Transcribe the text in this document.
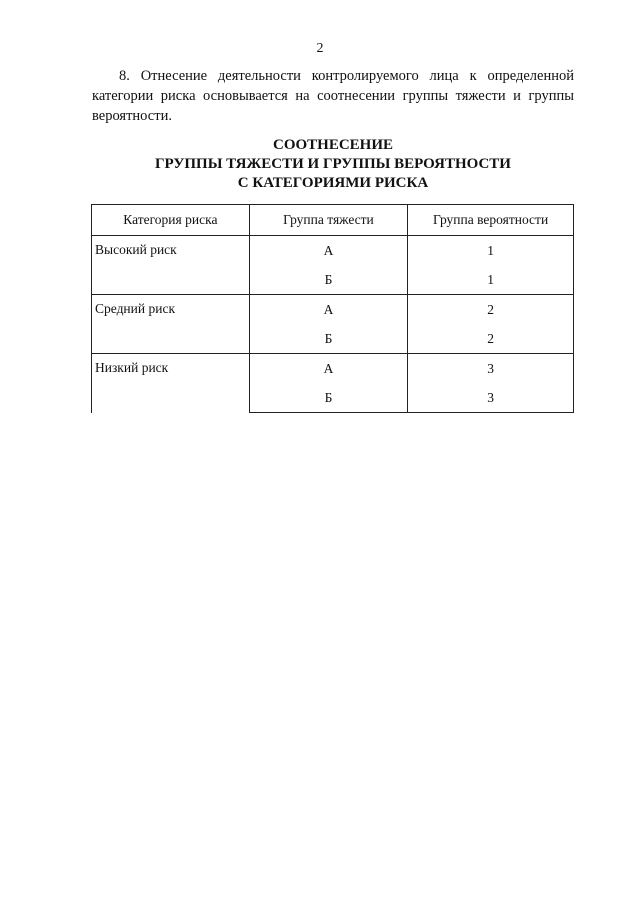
2

8. Отнесение деятельности контролируемого лица к определенной категории риска основывается на соотнесении группы тяжести и группы вероятности.

СООТНЕСЕНИЕ
ГРУППЫ ТЯЖЕСТИ И ГРУППЫ ВЕРОЯТНОСТИ
С КАТЕГОРИЯМИ РИСКА
Категория риска	Группа тяжести	Группа вероятности
Высокий риск	А	1
	Б	1
Средний риск	А	2
	Б	2
Низкий риск	А	3
	Б	3
